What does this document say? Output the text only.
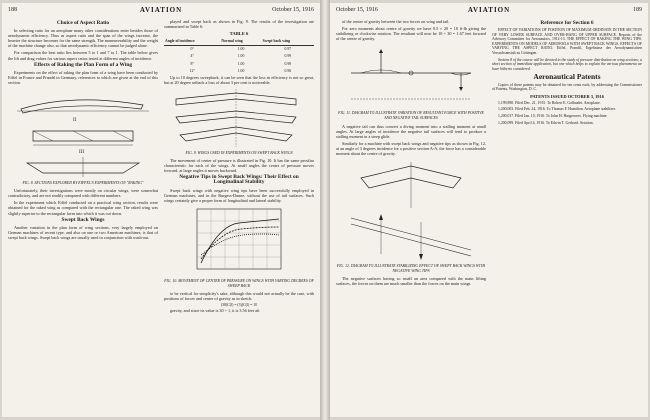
188	AVIATION	October 15, 1916
Choice of Aspect Ratio

In selecting ratio for an aeroplane many other considerations enter besides those of aerodynamic efficiency. Thus as aspect ratio and the span of the wings increase, the heavier the structure becomes for the same strength. The maneuverability and the weight of the machine change also, so that aerodynamic efficiency cannot be judged alone.

For comparison the best ratio lies between 5 to 1 and 7 to 1. The table below gives the lift and drag values for various aspect ratios tested at different angles of incidence.

Effects of Raking the Plan Form of a Wing

Experiments on the effect of raking the plan form of a wing have been conducted by Eiffel in France and Prandtl in Germany, references to which are given at the end of this section.

II
III
FIG. 8. SECTIONS EXPLORED BY EIFFEL'S EXPERIMENTS ON "RAKING"

Unfortunately, their investigations were mostly on circular wings, were somewhat contradictory, and are not readily compared with different numbers.

In the experiment which Eiffel conducted on a practical wing section, results were obtained for the raked wing as compared with the rectangular one. The raked wing was slightly superior to the rectangular form into which it was cut down.

Swept Back Wings

Another variation in the plan form of wing sections, very largely employed on German machines of recent type, and also on one or two American machines, is that of swept back wings. Swept back wings are usually used in conjunction with wash-out.

played and swept back as shown in Fig. 9. The results of the investigation are summarized in Table 6:

TABLE 6
Angle of incidence	Normal wing	Swept back wing
0°	1.00	0.97
4°	1.00	0.99
8°	1.00	0.98
12°	1.00	0.96

Up to 10 degrees sweepback, it can be seen that the loss in efficiency is not so great, but at 20 degree setback a loss of about 3 per cent is noticeable.

FIG. 9. WINGS USED IN EXPERIMENTS ON SWEPT BACK WINGS

The movement of center of pressure is illustrated in Fig. 10. It has the same peculiar characteristic for each of the wings. At small angles the center of pressure moves forward, at large angles it moves backward.

Negative Tips in Swept Back Wings: Their Effect on Longitudinal Stability

Swept back wings with negative wing tips have been successfully employed in German machines, and in the Burgess-Dunne, without the use of tail surfaces. Such wings certainly give a proper form of longitudinal and lateral stability.

FIG. 10. MOVEMENT OF CENTER OF PRESSURE ON WINGS WITH VARYING DEGREES OF SWEEP BACK

to be vertical for simplicity's sake, although this would not actually be the case, with positions of forces and center of gravity as in sketch.

(38)C(l) = (3)(C(l) = 10

gravity, and since its value is 30 ÷ 1, it is 3.56 feet aft

October 15, 1916	AVIATION	189

of the centre of gravity between the two forces on wing and tail.

For zero moments about centre of gravity we have 0.5 × 20 = 10 ft-lb giving the stabilizing or clockwise rotation. The resultant will now be 10 ÷ 30 = 1.67 feet forward of the centre of gravity.

FIG. 11. DIAGRAM TO ILLUSTRATE VARIATION OF RESULTANT FORCE WITH POSITIVE AND NEGATIVE TAIL SURFACES

A negative tail can thus convert a diving moment into a stalling moment at small angles. At large angles of incidence the negative tail surfaces will tend to produce a stalling moment in a steep glide.

Similarly for a machine with swept back wings and negative tips as shown in Fig. 12, at an angle of 3 degrees incidence for a positive section A-A, the force has a considerable moment about the centre of gravity.

FIG. 12. DIAGRAM TO ILLUSTRATE STABILIZING EFFECT OF SWEPT BACK WINGS WITH NEGATIVE WING TIPS

The negative surfaces having so small an area compared with the main lifting surfaces, the forces on them are much smaller than the forces on the main wings.

Reference for Section 6

EFFECT OF VARIATIONS OF POSITION OF MAXIMUM ORDINATE IN THE SECTION OF VERY LOWER SURFACE AND OVER-HANG OF UPPER SURFACE. Reports of the Advisory Committee for Aeronautics, 1912-13. THE EFFECT OF RAKING THE WING TIPS. EXPERIMENTS ON MODELS OF AEROFOILS WITH SWEPT BACK WINGS. EFFECTS OF VARYING THE ASPECT RATIO. Eiffel, Prandtl, Ergebnisse der Aerodynamischen Versuchsanstalt zu Göttingen.

Section 8 of the course will be devoted to the study of pressure distribution on wing sections; a short section of immediate application, but one which helps to explain the various phenomena we have hitherto considered.

Aeronautical Patents

Copies of these patents may be obtained for ten cents each, by addressing the Commissioner of Patents, Washington, D. C.

PATENTS ISSUED OCTOBER 3, 1916

1,199,890. Filed Dec. 21, 1915. To Robert E. Gallaudet. Aeroplane.

1,200,003. Filed Feb. 24, 1916. To Thomas F. Hamilton. Aeroplane stabilizer.

1,200,017. Filed Jan. 10, 1916. To John H. Hargreaves. Flying machine.

1,200,099. Filed April 4, 1916. To Edwin T. Gerhard. Aviation.
